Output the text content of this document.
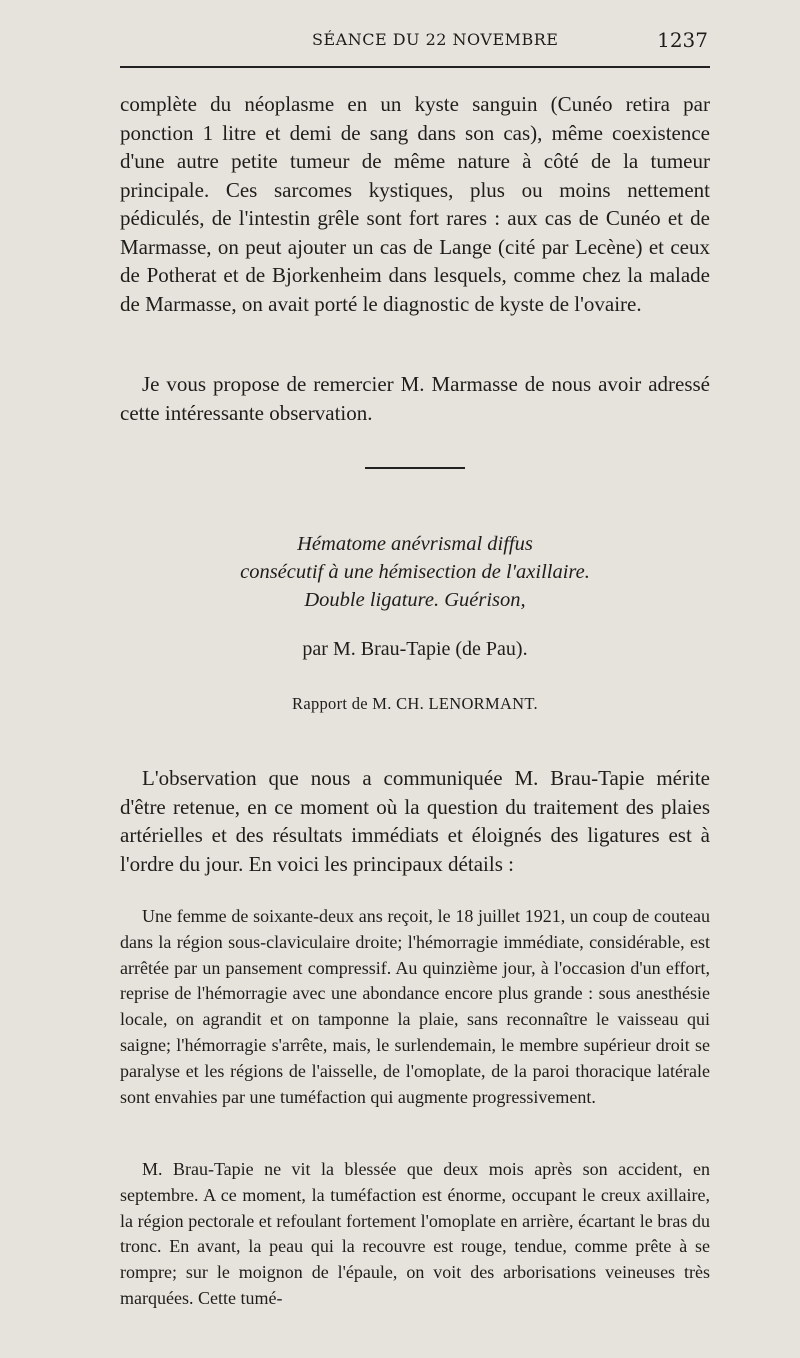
SÉANCE DU 22 NOVEMBRE	1237

complète du néoplasme en un kyste sanguin (Cunéo retira par ponction 1 litre et demi de sang dans son cas), même coexistence d'une autre petite tumeur de même nature à côté de la tumeur principale. Ces sarcomes kystiques, plus ou moins nettement pédiculés, de l'intestin grêle sont fort rares : aux cas de Cunéo et de Marmasse, on peut ajouter un cas de Lange (cité par Lecène) et ceux de Potherat et de Bjorkenheim dans lesquels, comme chez la malade de Marmasse, on avait porté le diagnostic de kyste de l'ovaire.

Je vous propose de remercier M. Marmasse de nous avoir adressé cette intéressante observation.

Hématome anévrismal diffus
consécutif à une hémisection de l'axillaire.
Double ligature. Guérison,
par M. Brau-Tapie (de Pau).
Rapport de M. CH. LENORMANT.

L'observation que nous a communiquée M. Brau-Tapie mérite d'être retenue, en ce moment où la question du traitement des plaies artérielles et des résultats immédiats et éloignés des ligatures est à l'ordre du jour. En voici les principaux détails :

Une femme de soixante-deux ans reçoit, le 18 juillet 1921, un coup de couteau dans la région sous-claviculaire droite; l'hémorragie immédiate, considérable, est arrêtée par un pansement compressif. Au quinzième jour, à l'occasion d'un effort, reprise de l'hémorragie avec une abondance encore plus grande : sous anesthésie locale, on agrandit et on tamponne la plaie, sans reconnaître le vaisseau qui saigne; l'hémorragie s'arrête, mais, le surlendemain, le membre supérieur droit se paralyse et les régions de l'aisselle, de l'omoplate, de la paroi thoracique latérale sont envahies par une tuméfaction qui augmente progressivement.

M. Brau-Tapie ne vit la blessée que deux mois après son accident, en septembre. A ce moment, la tuméfaction est énorme, occupant le creux axillaire, la région pectorale et refoulant fortement l'omoplate en arrière, écartant le bras du tronc. En avant, la peau qui la recouvre est rouge, tendue, comme prête à se rompre; sur le moignon de l'épaule, on voit des arborisations veineuses très marquées. Cette tumé-
